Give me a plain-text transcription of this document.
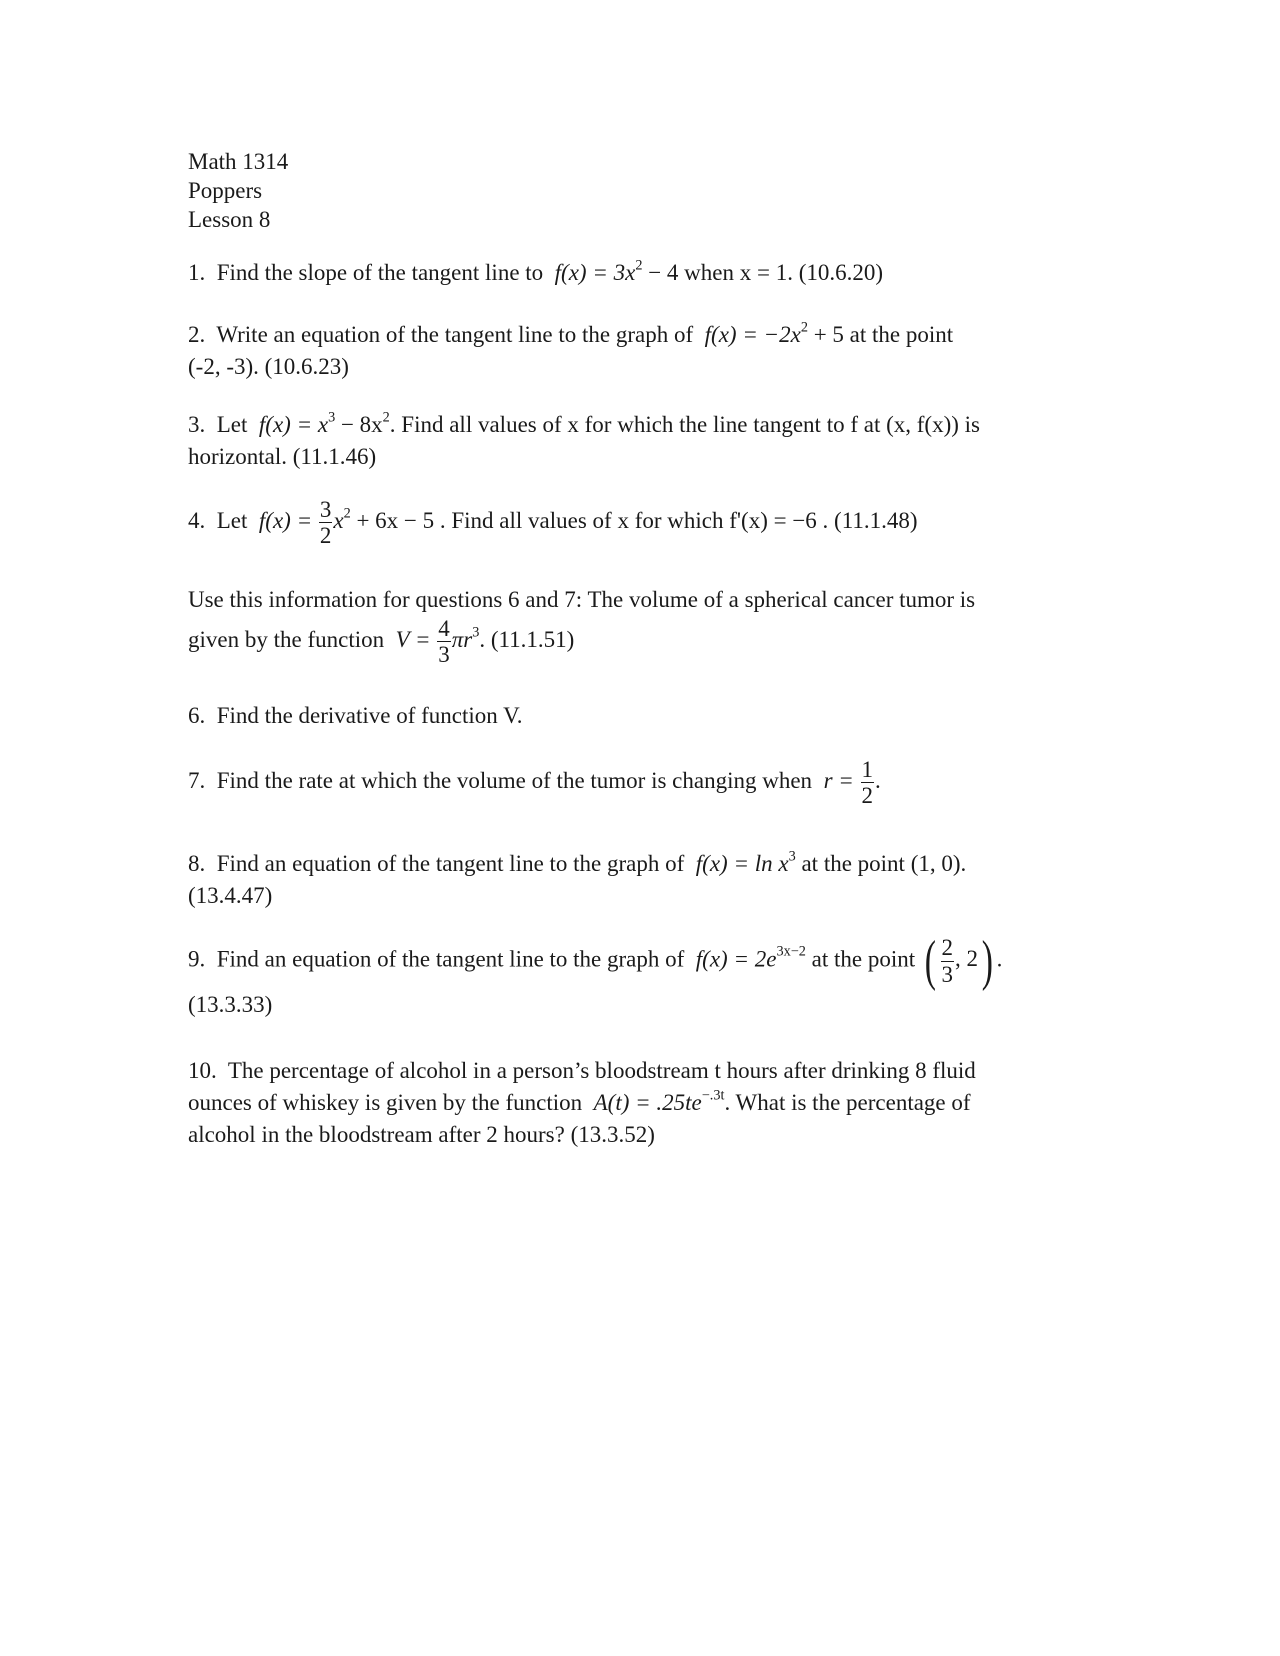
Math 1314

Poppers

Lesson 8

1. Find the slope of the tangent line to $f(x) = 3x^2 - 4$ when x = 1. (10.6.20)

2. Write an equation of the tangent line to the graph of $f(x) = -2x^2 + 5$ at the point
(-2, -3). (10.6.23)

3. Let $f(x) = x^3 - 8x^2$. Find all values of x for which the line tangent to f at (x, f(x)) is
horizontal. (11.1.46)

4. Let $f(x) = \frac{3}{2} x^2 + 6x - 5$ . Find all values of x for which f'(x) = −6 . (11.1.48)

Use this information for questions 6 and 7: The volume of a spherical cancer tumor is
given by the function $V = \frac{4}{3} \pi r^3$. (11.1.51)

6. Find the derivative of function V.

7. Find the rate at which the volume of the tumor is changing when $r = \frac{1}{2}$ .

8. Find an equation of the tangent line to the graph of $f(x) = \ln x^3$ at the point (1, 0).
(13.4.47)

9. Find an equation of the tangent line to the graph of $f(x) = 2e^{3x-2}$ at the point ( $\frac{2}{3}$ , 2) .
(13.3.33)

10. The percentage of alcohol in a person’s bloodstream t hours after drinking 8 fluid
ounces of whiskey is given by the function $A(t) = .25te^{-.3t}$. What is the percentage of
alcohol in the bloodstream after 2 hours? (13.3.52)
